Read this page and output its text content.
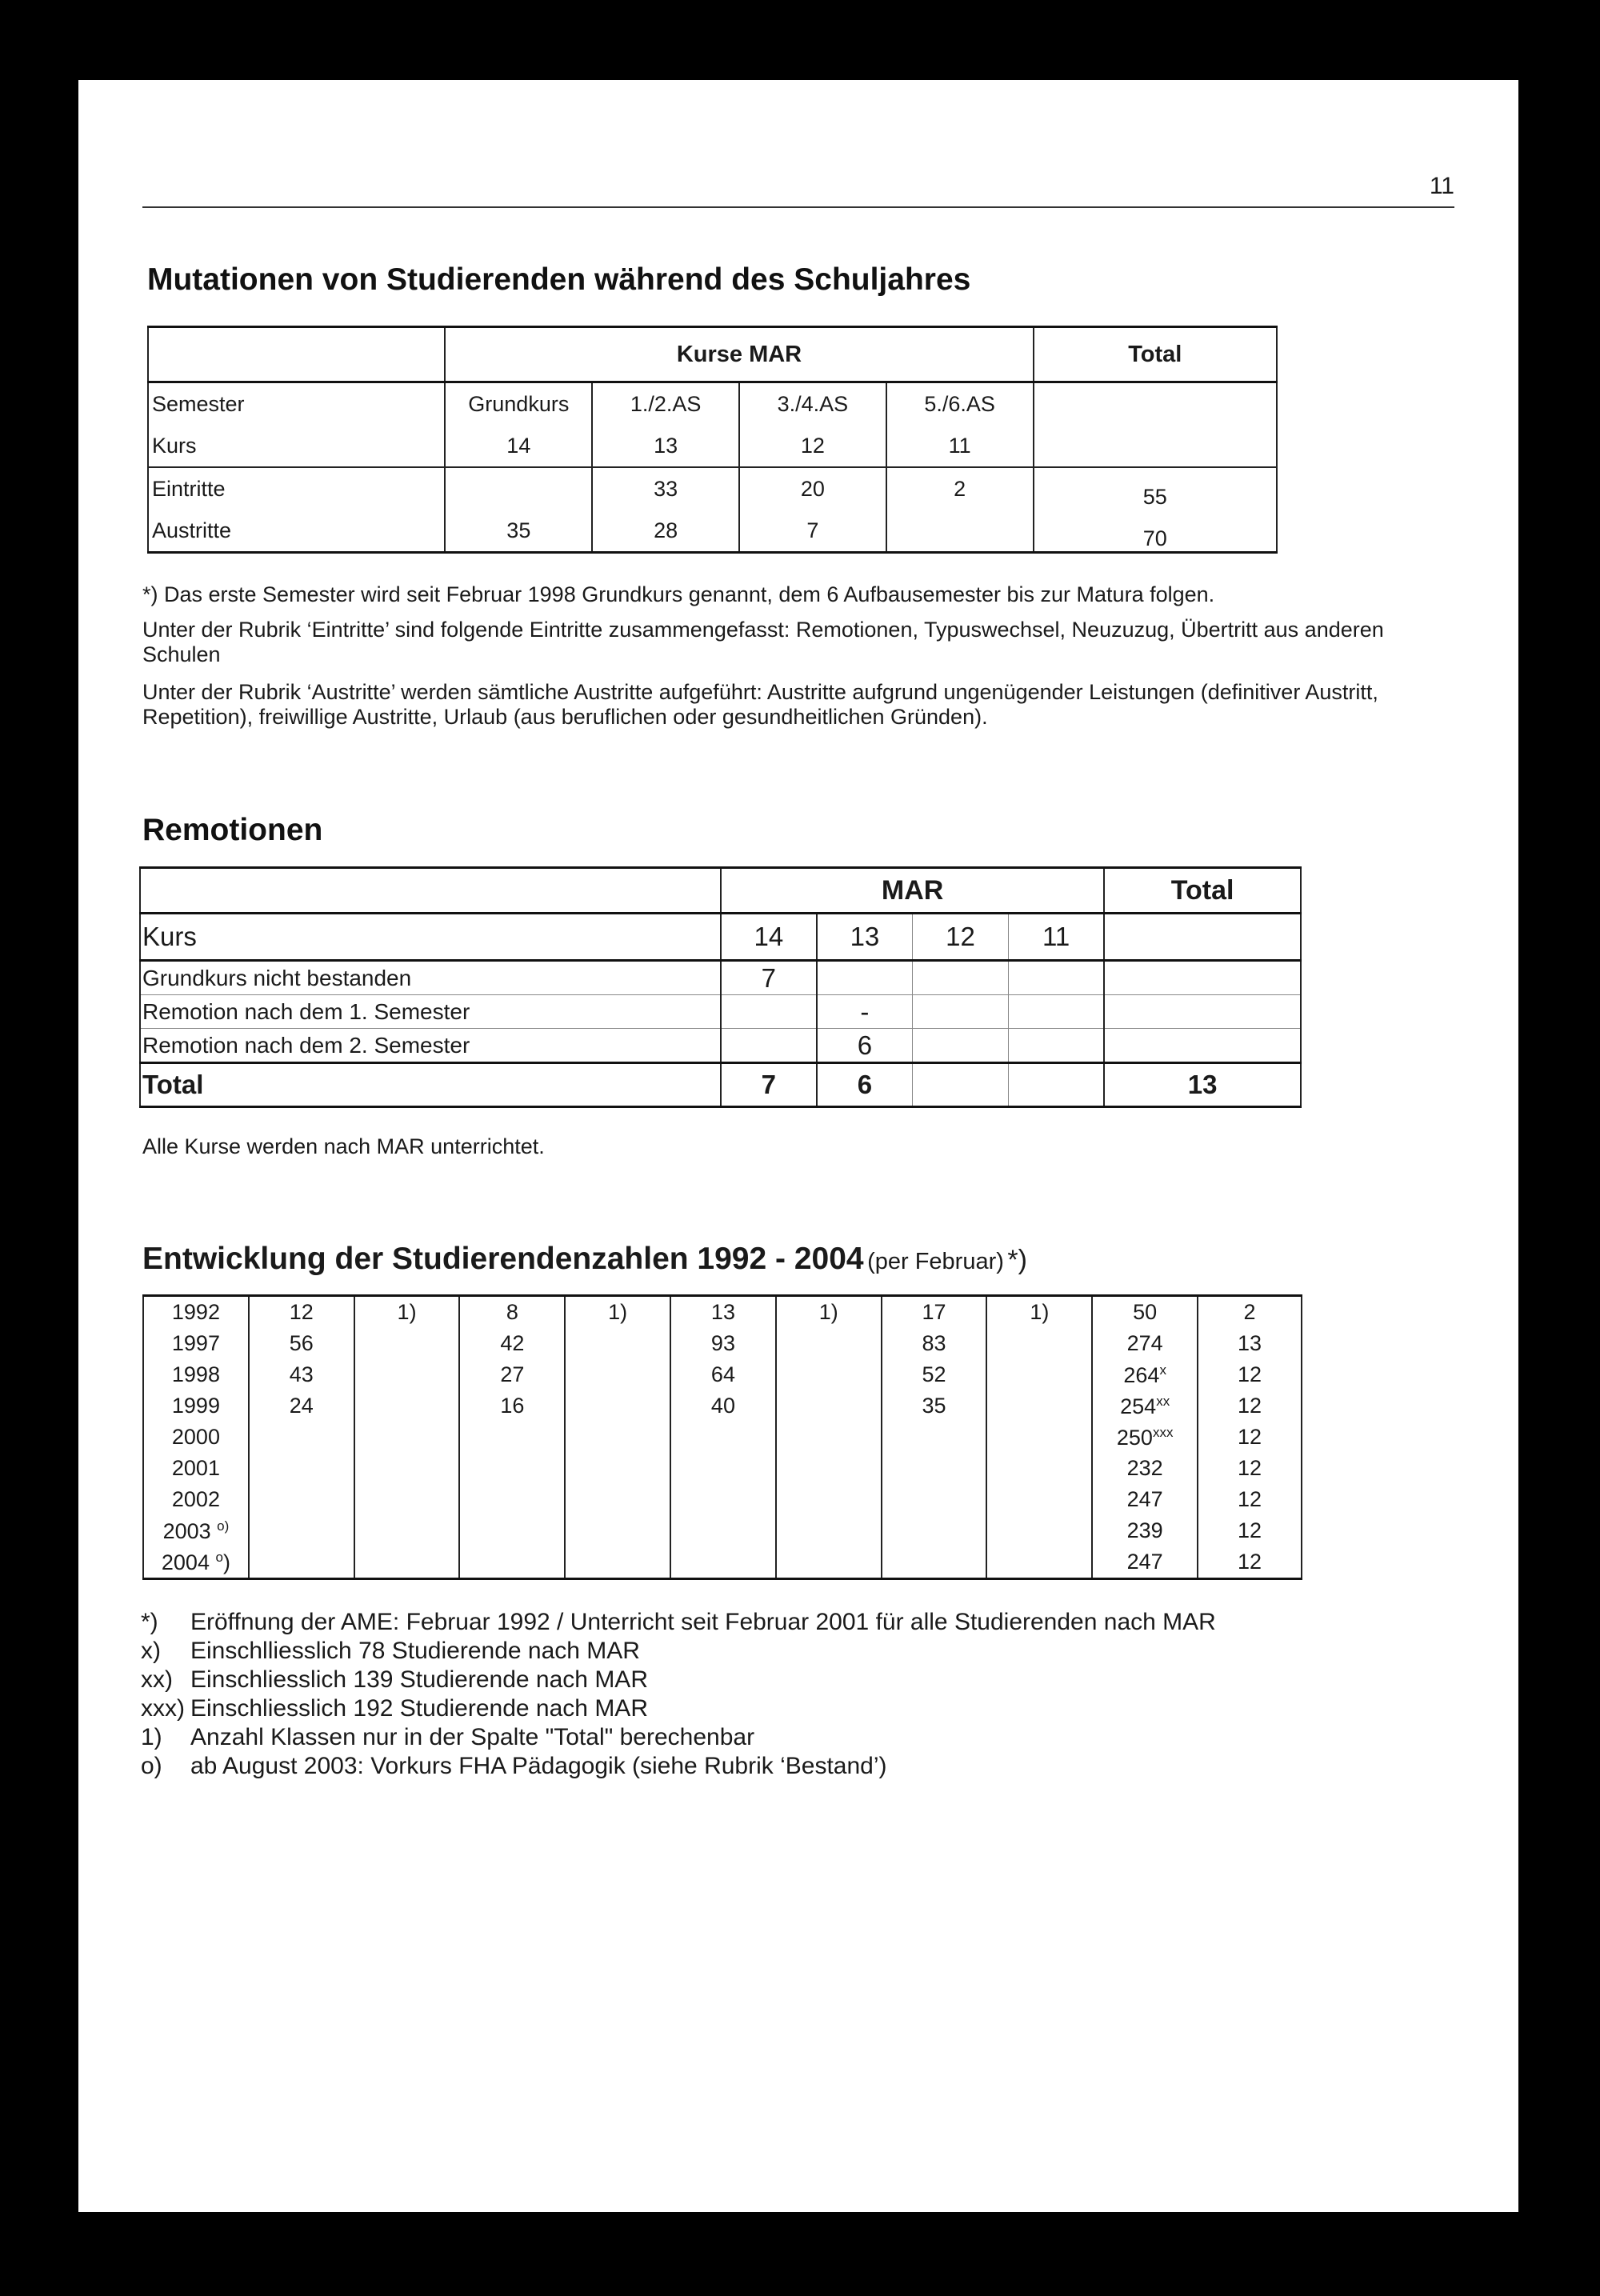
11
Mutationen von Studierenden während des Schuljahres
	Kurse MAR				Total
Semester	Grundkurs	1./2.AS	3./4.AS	5./6.AS	
Kurs	14	13	12	11	
Eintritte		33	20	2	55
Austritte	35	28	7		70
*) Das erste Semester wird seit Februar 1998 Grundkurs genannt, dem 6 Aufbausemester bis zur Matura folgen.
Unter der Rubrik ‘Eintritte’ sind folgende Eintritte zusammengefasst: Remotionen, Typuswechsel, Neuzuzug, Übertritt aus anderen Schulen
Unter der Rubrik ‘Austritte’ werden sämtliche Austritte aufgeführt: Austritte aufgrund ungenügender Leistungen (definitiver Austritt, Repetition), freiwillige Austritte, Urlaub (aus beruflichen oder gesundheitlichen Gründen).
Remotionen
	MAR				Total
Kurs	14	13	12	11	
Grundkurs nicht bestanden	7				
Remotion nach dem 1. Semester		-			
Remotion nach dem 2. Semester		6			
Total	7	6			13
Alle Kurse werden nach MAR unterrichtet.
Entwicklung der Studierendenzahlen 1992 - 2004 (per Februar) *)
1992	12	1)	8	1)	13	1)	17	1)	50	2
1997	56		42		93		83		274	13
1998	43		27		64		52		264$^x$	12
1999	24		16		40		35		254$^{xx}$	12
2000									250$^{xxx}$	12
2001									232	12
2002									247	12
2003 $^{o)}$									239	12
2004 $^o$)									247	12
*) Eröffnung der AME: Februar 1992 / Unterricht seit Februar 2001 für alle Studierenden nach MAR
x) Einschlliesslich 78 Studierende nach MAR
xx) Einschliesslich 139 Studierende nach MAR
xxx) Einschliesslich 192 Studierende nach MAR
1) Anzahl Klassen nur in der Spalte "Total" berechenbar
o) ab August 2003: Vorkurs FHA Pädagogik (siehe Rubrik ‘Bestand’)
